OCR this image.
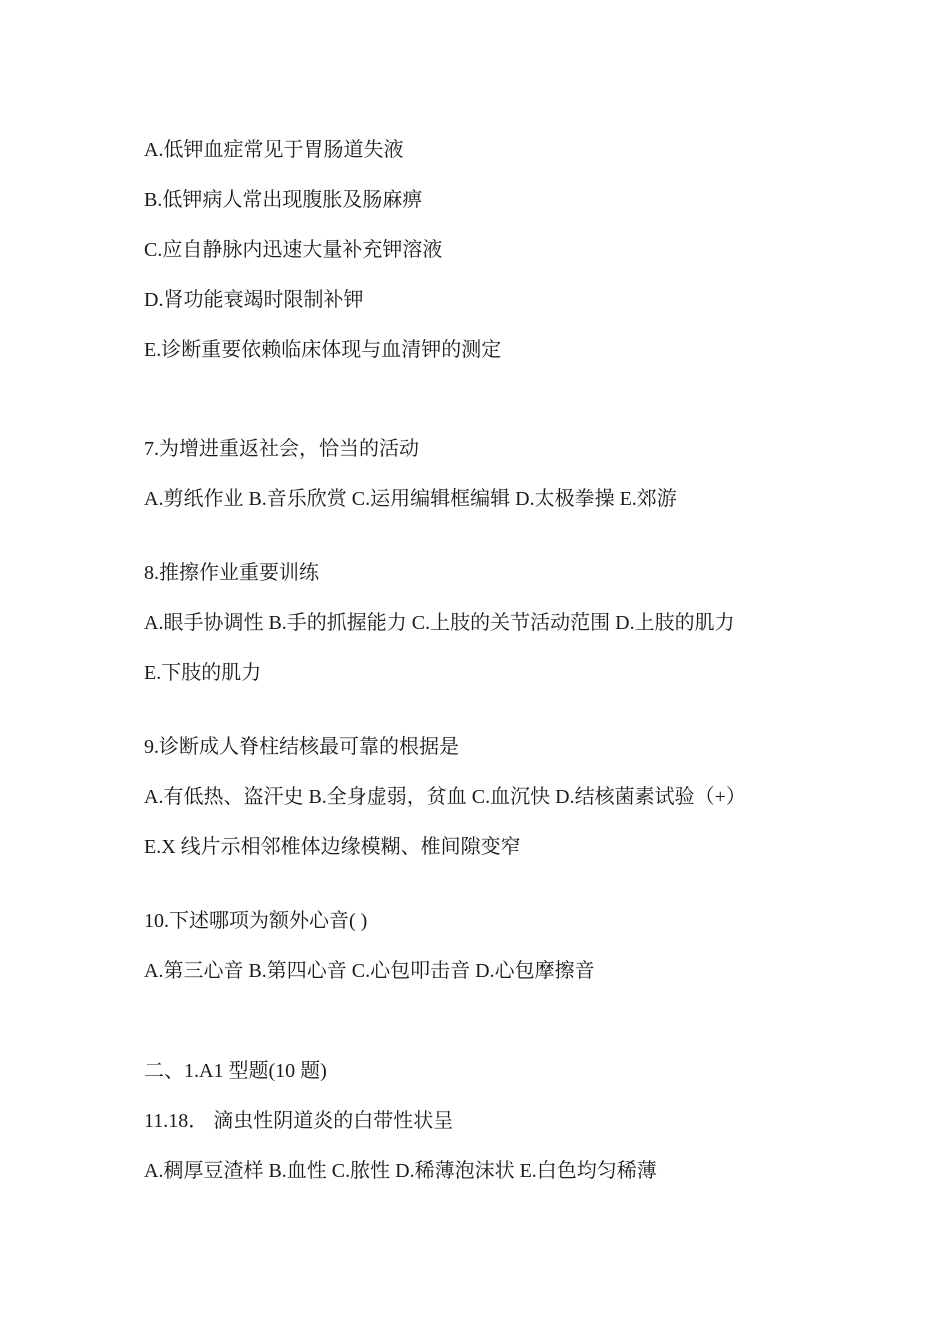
A.低钾血症常见于胃肠道失液
B.低钾病人常出现腹胀及肠麻痹
C.应自静脉内迅速大量补充钾溶液
D.肾功能衰竭时限制补钾
E.诊断重要依赖临床体现与血清钾的测定
7.为增进重返社会，恰当的活动
A.剪纸作业 B.音乐欣赏 C.运用编辑框编辑 D.太极拳操 E.郊游
8.推擦作业重要训练
A.眼手协调性 B.手的抓握能力 C.上肢的关节活动范围 D.上肢的肌力
E.下肢的肌力
9.诊断成人脊柱结核最可靠的根据是
A.有低热、盗汗史 B.全身虚弱，贫血 C.血沉快 D.结核菌素试验（+）
E.X 线片示相邻椎体边缘模糊、椎间隙变窄
10.下述哪项为额外心音( )
A.第三心音 B.第四心音 C.心包叩击音 D.心包摩擦音
二、1.A1 型题(10 题)
11.18． 滴虫性阴道炎的白带性状呈
A.稠厚豆渣样 B.血性 C.脓性 D.稀薄泡沫状 E.白色均匀稀薄
